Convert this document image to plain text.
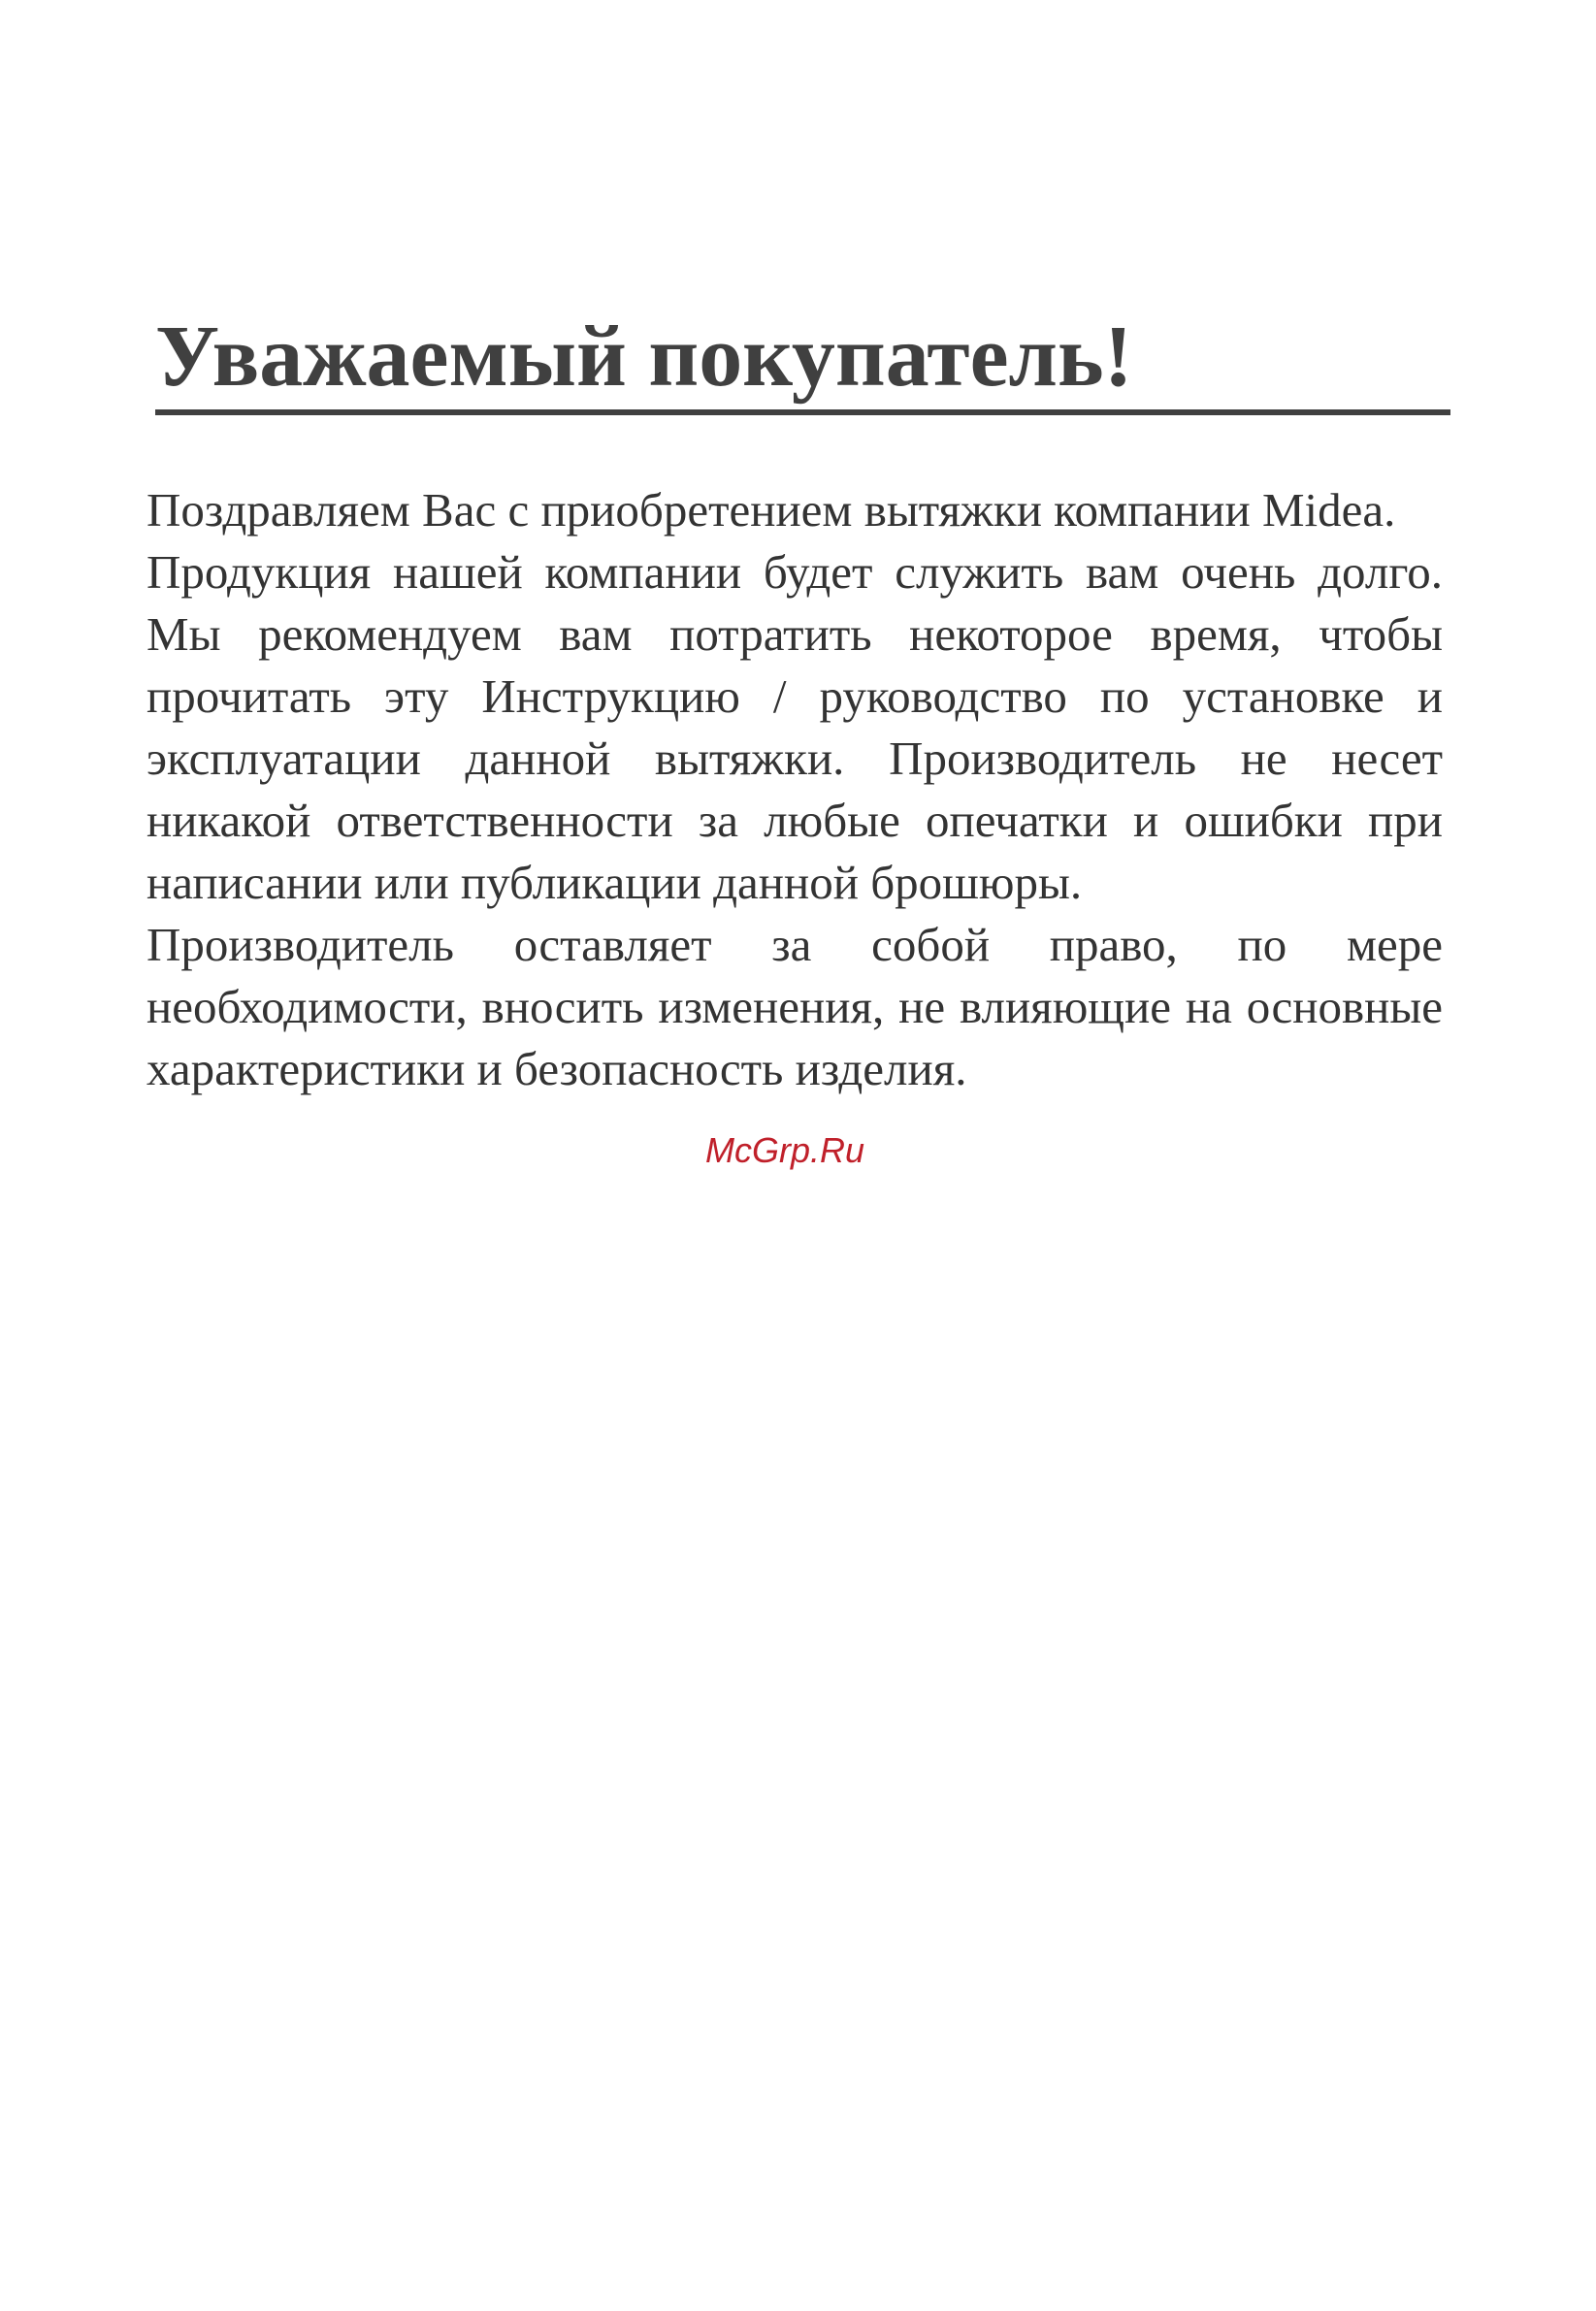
Уважаемый покупатель!

Поздравляем Вас с приобретением вытяжки компании Midea.

Продукция нашей компании будет служить вам очень долго. Мы рекомендуем вам потратить некоторое время, чтобы прочитать эту Инструкцию / руководство по установке и эксплуатации данной вытяжки. Производитель не несет никакой ответственности за любые опечатки и ошибки при написании или публикации данной брошюры.

Производитель оставляет за собой право, по мере необходимости, вносить изменения, не влияющие на основные характеристики и безопасность изделия.

McGrp.Ru
